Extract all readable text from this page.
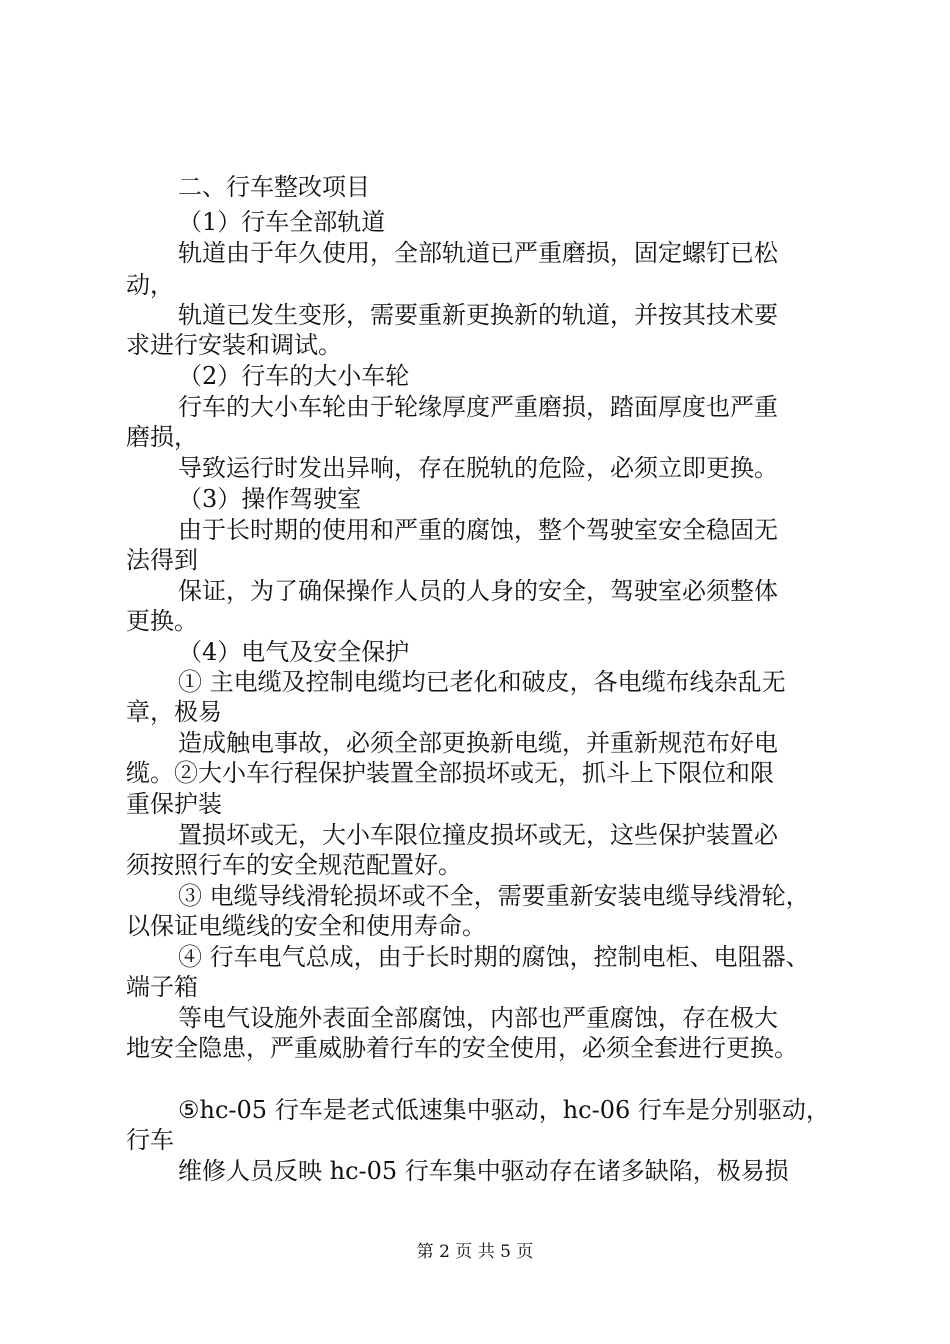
二、行车整改项目
（1）行车全部轨道
轨道由于年久使用，全部轨道已严重磨损，固定螺钉已松
动，
轨道已发生变形，需要重新更换新的轨道，并按其技术要
求进行安装和调试。
（2）行车的大小车轮
行车的大小车轮由于轮缘厚度严重磨损，踏面厚度也严重
磨损，
导致运行时发出异响，存在脱轨的危险，必须立即更换。
（3）操作驾驶室
由于长时期的使用和严重的腐蚀，整个驾驶室安全稳固无
法得到
保证，为了确保操作人员的人身的安全，驾驶室必须整体
更换。
（4）电气及安全保护
① 主电缆及控制电缆均已老化和破皮，各电缆布线杂乱无
章，极易
造成触电事故，必须全部更换新电缆，并重新规范布好电
缆。②大小车行程保护装置全部损坏或无，抓斗上下限位和限
重保护装
置损坏或无，大小车限位撞皮损坏或无，这些保护装置必
须按照行车的安全规范配置好。
③ 电缆导线滑轮损坏或不全，需要重新安装电缆导线滑轮，
以保证电缆线的安全和使用寿命。
④ 行车电气总成，由于长时期的腐蚀，控制电柜、电阻器、
端子箱
等电气设施外表面全部腐蚀，内部也严重腐蚀，存在极大
地安全隐患，严重威胁着行车的安全使用，必须全套进行更换。
⑤hc-05 行车是老式低速集中驱动，hc-06 行车是分别驱动，
行车
维修人员反映 hc-05 行车集中驱动存在诸多缺陷，极易损
第 2 页 共 5 页
